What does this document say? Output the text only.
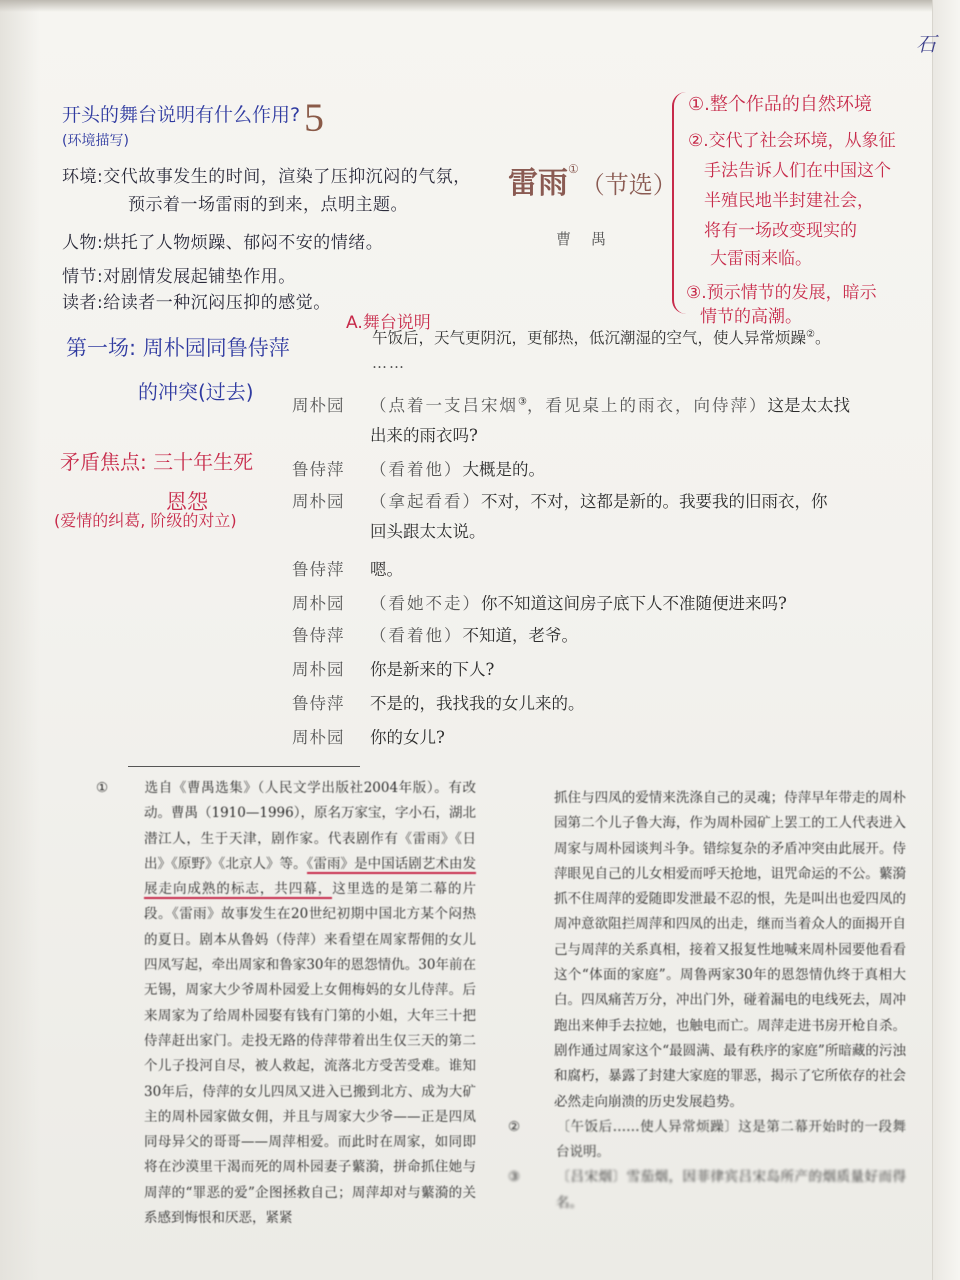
石
开头的舞台说明有什么作用? 5
(环境描写)
环境:交代故事发生的时间，渲染了压抑沉闷的气氛，
预示着一场雷雨的到来，点明主题。
人物:烘托了人物烦躁、郁闷不安的情绪。
情节:对剧情发展起铺垫作用。
读者:给读者一种沉闷压抑的感觉。
第一场: 周朴园同鲁侍萍
的冲突(过去)
矛盾焦点: 三十年生死
恩怨
(爱情的纠葛, 阶级的对立)
雷雨①（节选）
曹禺
①.整个作品的自然环境
②.交代了社会环境，从象征
手法告诉人们在中国这个
半殖民地半封建社会，
将有一场改变现实的
大雷雨来临。
③.预示情节的发展，暗示
情节的高潮。
A.舞台说明
午饭后，天气更阴沉，更郁热，低沉潮湿的空气，使人异常烦躁②。
……
周朴园 （点着一支吕宋烟③，看见桌上的雨衣，向侍萍）这是太太找
出来的雨衣吗?
鲁侍萍 （看着他）大概是的。
周朴园 （拿起看看）不对，不对，这都是新的。我要我的旧雨衣，你
回头跟太太说。
鲁侍萍 嗯。
周朴园 （看她不走）你不知道这间房子底下人不准随便进来吗?
鲁侍萍 （看着他）不知道，老爷。
周朴园 你是新来的下人?
鲁侍萍 不是的，我找我的女儿来的。
周朴园 你的女儿?

①	选自《曹禺选集》（人民文学出版社2004年版）。有改动。曹禺（1910—1996），原名万家宝，字小石，湖北潜江人，生于天津，剧作家。代表剧作有《雷雨》《日出》《原野》《北京人》等。《雷雨》是中国话剧艺术由发展走向成熟的标志，共四幕，这里选的是第二幕的片段。《雷雨》故事发生在20世纪初期中国北方某个闷热的夏日。剧本从鲁妈（侍萍）来看望在周家帮佣的女儿四凤写起，牵出周家和鲁家30年的恩怨情仇。30年前在无锡，周家大少爷周朴园爱上女佣梅妈的女儿侍萍。后来周家为了给周朴园娶有钱有门第的小姐，大年三十把侍萍赶出家门。走投无路的侍萍带着出生仅三天的第二个儿子投河自尽，被人救起，流落北方受苦受难。谁知30年后，侍萍的女儿四凤又进入已搬到北方、成为大矿主的周朴园家做女佣，并且与周家大少爷——正是四凤同母异父的哥哥——周萍相爱。而此时在周家，如同即将在沙漠里干渴而死的周朴园妻子蘩漪，拼命抓住她与周萍的“罪恶的爱”企图拯救自己；周萍却对与蘩漪的关系感到悔恨和厌恶，紧紧

抓住与四凤的爱情来洗涤自己的灵魂；侍萍早年带走的周朴园第二个儿子鲁大海，作为周朴园矿上罢工的工人代表进入周家与周朴园谈判斗争。错综复杂的矛盾冲突由此展开。侍萍眼见自己的儿女相爱而呼天抢地，诅咒命运的不公。蘩漪抓不住周萍的爱随即发泄最不忍的恨，先是叫出也爱四凤的周冲意欲阻拦周萍和四凤的出走，继而当着众人的面揭开自己与周萍的关系真相，接着又报复性地喊来周朴园要他看看这个“体面的家庭”。周鲁两家30年的恩怨情仇终于真相大白。四凤痛苦万分，冲出门外，碰着漏电的电线死去，周冲跑出来伸手去拉她，也触电而亡。周萍走进书房开枪自杀。剧作通过周家这个“最圆满、最有秩序的家庭”所暗藏的污浊和腐朽，暴露了封建大家庭的罪恶，揭示了它所依存的社会必然走向崩溃的历史发展趋势。

②	〔午饭后……使人异常烦躁〕这是第二幕开始时的一段舞台说明。

③	〔吕宋烟〕雪茄烟，因菲律宾吕宋岛所产的烟质量好而得名。
